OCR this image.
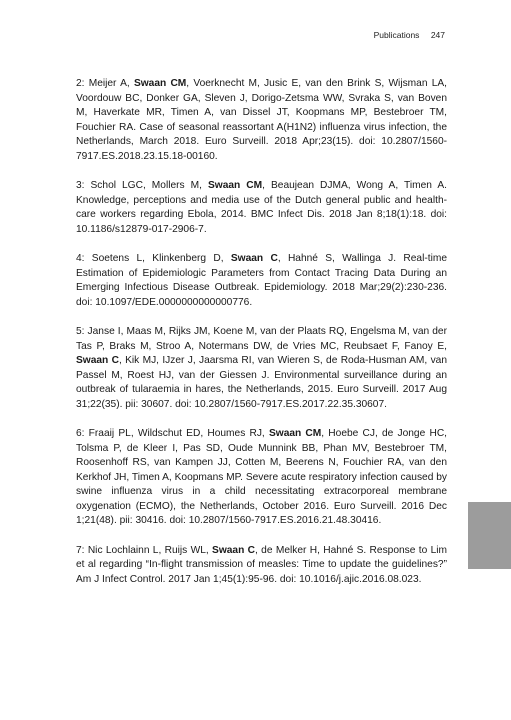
Publications 247

2: Meijer A, Swaan CM, Voerknecht M, Jusic E, van den Brink S, Wijsman LA, Voordouw BC, Donker GA, Sleven J, Dorigo-Zetsma WW, Svraka S, van Boven M, Haverkate MR, Timen A, van Dissel JT, Koopmans MP, Bestebroer TM, Fouchier RA. Case of seasonal reassortant A(H1N2) influenza virus infection, the Netherlands, March 2018. Euro Surveill. 2018 Apr;23(15). doi: 10.2807/1560-7917.ES.2018.23.15.18-00160.

3: Schol LGC, Mollers M, Swaan CM, Beaujean DJMA, Wong A, Timen A. Knowledge, perceptions and media use of the Dutch general public and health-care workers regarding Ebola, 2014. BMC Infect Dis. 2018 Jan 8;18(1):18. doi: 10.1186/s12879-017-2906-7.

4: Soetens L, Klinkenberg D, Swaan C, Hahné S, Wallinga J. Real-time Estimation of Epidemiologic Parameters from Contact Tracing Data During an Emerging Infectious Disease Outbreak. Epidemiology. 2018 Mar;29(2):230-236. doi: 10.1097/EDE.0000000000000776.

5: Janse I, Maas M, Rijks JM, Koene M, van der Plaats RQ, Engelsma M, van der Tas P, Braks M, Stroo A, Notermans DW, de Vries MC, Reubsaet F, Fanoy E, Swaan C, Kik MJ, IJzer J, Jaarsma RI, van Wieren S, de Roda-Husman AM, van Passel M, Roest HJ, van der Giessen J. Environmental surveillance during an outbreak of tularaemia in hares, the Netherlands, 2015. Euro Surveill. 2017 Aug 31;22(35). pii: 30607. doi: 10.2807/1560-7917.ES.2017.22.35.30607.

6: Fraaij PL, Wildschut ED, Houmes RJ, Swaan CM, Hoebe CJ, de Jonge HC, Tolsma P, de Kleer I, Pas SD, Oude Munnink BB, Phan MV, Bestebroer TM, Roosenhoff RS, van Kampen JJ, Cotten M, Beerens N, Fouchier RA, van den Kerkhof JH, Timen A, Koopmans MP. Severe acute respiratory infection caused by swine influenza virus in a child necessitating extracorporeal membrane oxygenation (ECMO), the Netherlands, October 2016. Euro Surveill. 2016 Dec 1;21(48). pii: 30416. doi: 10.2807/1560-7917.ES.2016.21.48.30416.

7: Nic Lochlainn L, Ruijs WL, Swaan C, de Melker H, Hahné S. Response to Lim et al regarding “In-flight transmission of measles: Time to update the guidelines?” Am J Infect Control. 2017 Jan 1;45(1):95-96. doi: 10.1016/j.ajic.2016.08.023.
